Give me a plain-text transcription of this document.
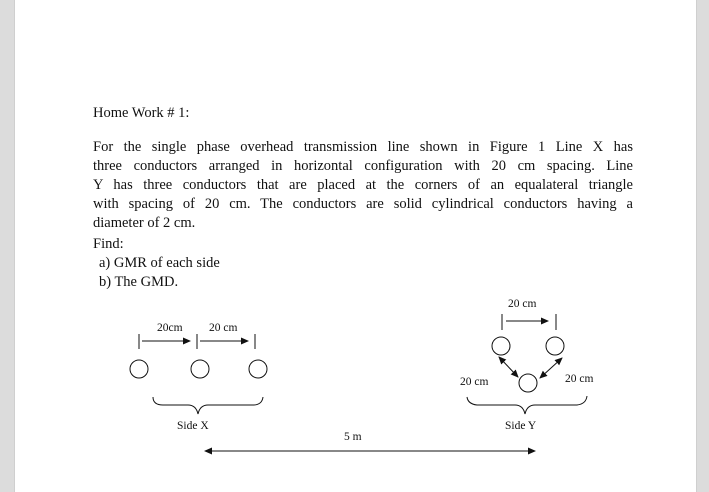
Home Work # 1:
For the single phase overhead transmission line shown in Figure 1 Line X has
three conductors arranged in horizontal configuration with 20 cm spacing. Line
Y has three conductors that are placed at the corners of an equalateral triangle
with spacing of 20 cm. The conductors are solid cylindrical conductors having a
diameter of 2 cm.
Find:
a) GMR of each side
b) The GMD.
20cm 20 cm
Side X
20 cm
20 cm	20 cm
Side Y
5 m
